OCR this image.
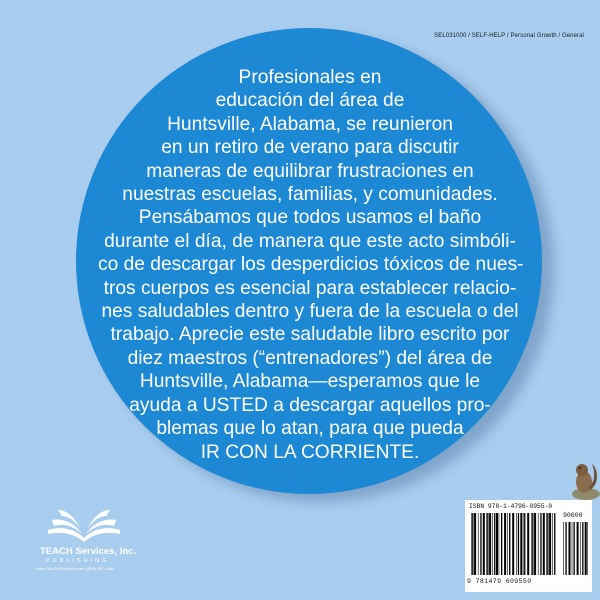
SEL031000 / SELF-HELP / Personal Growth / General
Profesionales en
educación del área de
Huntsville, Alabama, se reunieron
en un retiro de verano para discutir
maneras de equilibrar frustraciones en
nuestras escuelas, familias, y comunidades.
Pensábamos que todos usamos el baño
durante el día, de manera que este acto simbóli-
co de descargar los desperdicios tóxicos de nues-
tros cuerpos es esencial para establecer relacio-
nes saludables dentro y fuera de la escuela o del
trabajo. Aprecie este saludable libro escrito por
diez maestros (“entrenadores”) del área de
Huntsville, Alabama—esperamos que le
ayuda a USTED a descargar aquellos pro-
blemas que lo atan, para que pueda
IR CON LA CORRIENTE.
TEACH Services, Inc.
PUBLISHING
www.TEACHServices.com • (800) 367-1844
ISBN 978-1-4796-0955-0
90000
9 781479 609550
